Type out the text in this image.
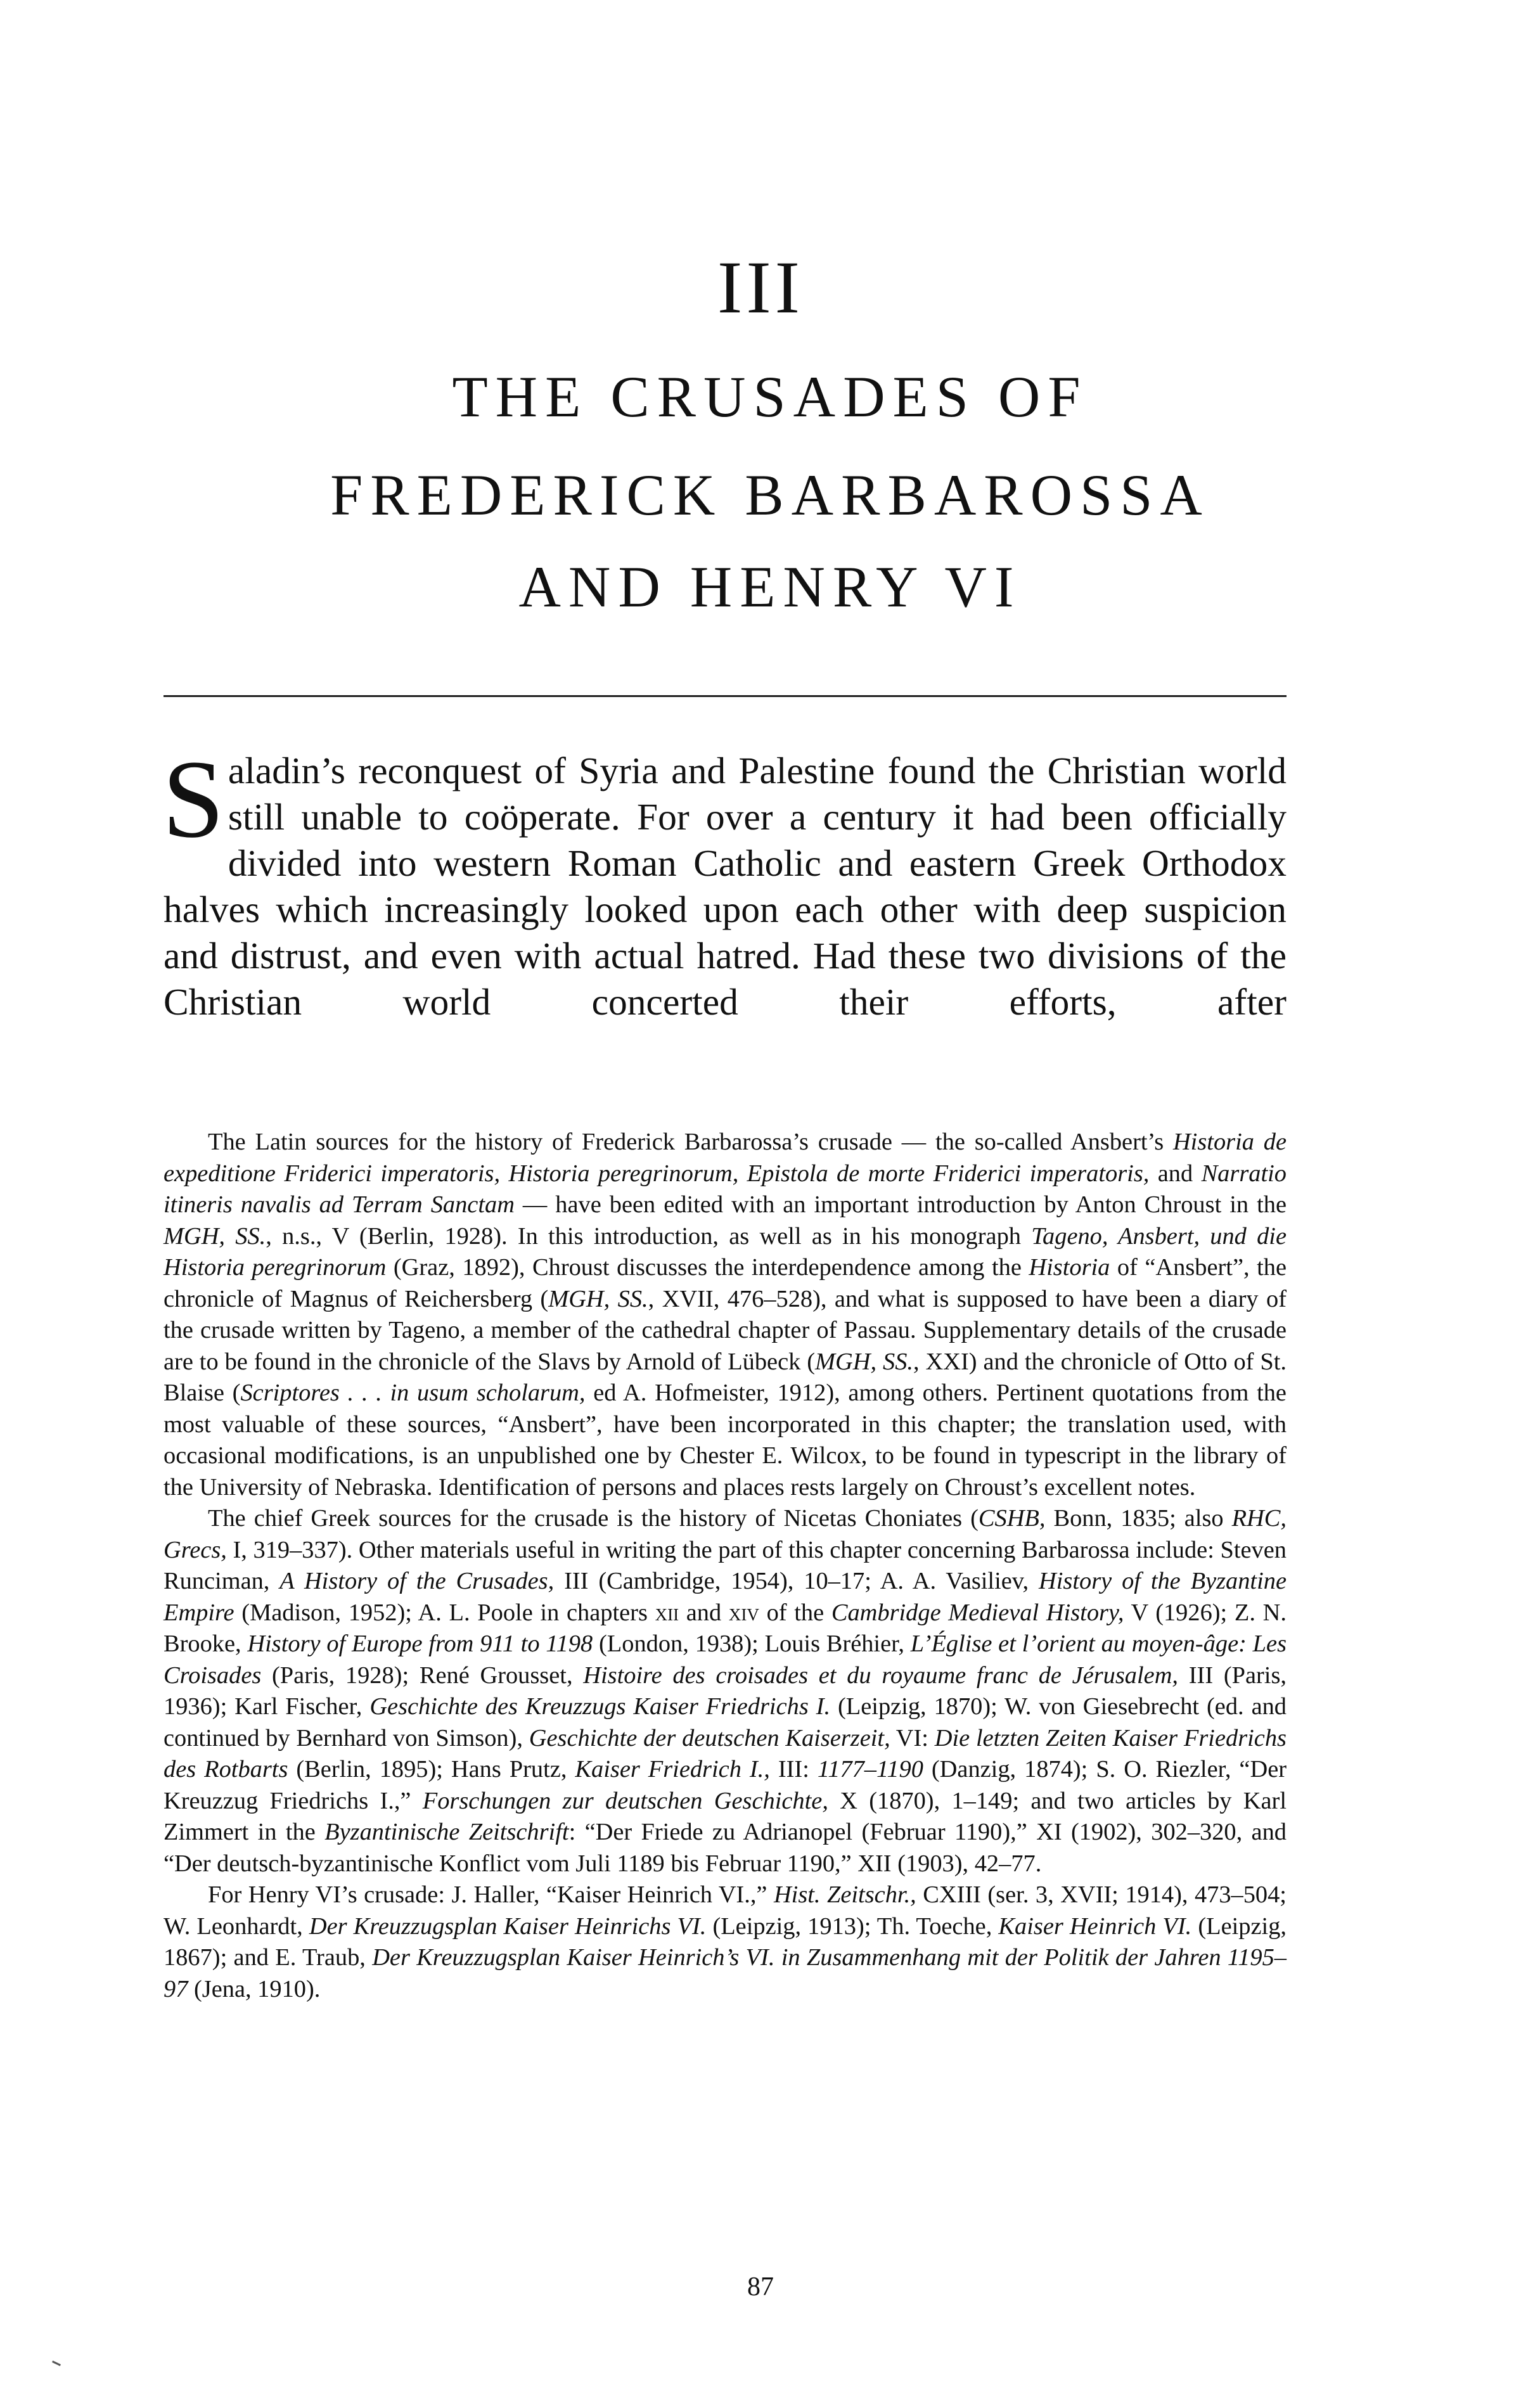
III
THE CRUSADES OF
FREDERICK BARBAROSSA
AND HENRY VI
Saladin’s reconquest of Syria and Palestine found the Christian world still unable to coöperate. For over a century it had been officially divided into western Roman Catholic and eastern Greek Orthodox halves which increasingly looked upon each other with deep suspicion and distrust, and even with actual hatred. Had these two divisions of the Christian world concerted their efforts, after

The Latin sources for the history of Frederick Barbarossa’s crusade — the so-called Ansbert’s Historia de expeditione Friderici imperatoris, Historia peregrinorum, Epistola de morte Friderici imperatoris, and Narratio itineris navalis ad Terram Sanctam — have been edited with an important introduction by Anton Chroust in the MGH, SS., n.s., V (Berlin, 1928). In this introduction, as well as in his monograph Tageno, Ansbert, und die Historia peregrinorum (Graz, 1892), Chroust discusses the interdependence among the Historia of “Ansbert”, the chronicle of Magnus of Reichersberg (MGH, SS., XVII, 476–528), and what is supposed to have been a diary of the crusade written by Tageno, a member of the cathedral chapter of Passau. Supplementary details of the crusade are to be found in the chronicle of the Slavs by Arnold of Lübeck (MGH, SS., XXI) and the chronicle of Otto of St. Blaise (Scriptores . . . in usum scholarum, ed A. Hofmeister, 1912), among others. Pertinent quotations from the most valuable of these sources, “Ansbert”, have been incorporated in this chapter; the translation used, with occasional modifications, is an unpublished one by Chester E. Wilcox, to be found in typescript in the library of the University of Nebraska. Identification of persons and places rests largely on Chroust’s excellent notes.

The chief Greek sources for the crusade is the history of Nicetas Choniates (CSHB, Bonn, 1835; also RHC, Grecs, I, 319–337). Other materials useful in writing the part of this chapter concerning Barbarossa include: Steven Runciman, A History of the Crusades, III (Cambridge, 1954), 10–17; A. A. Vasiliev, History of the Byzantine Empire (Madison, 1952); A. L. Poole in chapters xii and xiv of the Cambridge Medieval History, V (1926); Z. N. Brooke, History of Europe from 911 to 1198 (London, 1938); Louis Bréhier, L’Église et l’orient au moyen-âge: Les Croisades (Paris, 1928); René Grousset, Histoire des croisades et du royaume franc de Jérusalem, III (Paris, 1936); Karl Fischer, Geschichte des Kreuzzugs Kaiser Friedrichs I. (Leipzig, 1870); W. von Giesebrecht (ed. and continued by Bernhard von Simson), Geschichte der deutschen Kaiserzeit, VI: Die letzten Zeiten Kaiser Friedrichs des Rotbarts (Berlin, 1895); Hans Prutz, Kaiser Friedrich I., III: 1177–1190 (Danzig, 1874); S. O. Riezler, “Der Kreuzzug Friedrichs I.,” Forschungen zur deutschen Geschichte, X (1870), 1–149; and two articles by Karl Zimmert in the Byzantinische Zeitschrift: “Der Friede zu Adrianopel (Februar 1190),” XI (1902), 302–320, and “Der deutsch-byzantinische Konflict vom Juli 1189 bis Februar 1190,” XII (1903), 42–77.

For Henry VI’s crusade: J. Haller, “Kaiser Heinrich VI.,” Hist. Zeitschr., CXIII (ser. 3, XVII; 1914), 473–504; W. Leonhardt, Der Kreuzzugsplan Kaiser Heinrichs VI. (Leipzig, 1913); Th. Toeche, Kaiser Heinrich VI. (Leipzig, 1867); and E. Traub, Der Kreuzzugsplan Kaiser Heinrich’s VI. in Zusammenhang mit der Politik der Jahren 1195–97 (Jena, 1910).

87
